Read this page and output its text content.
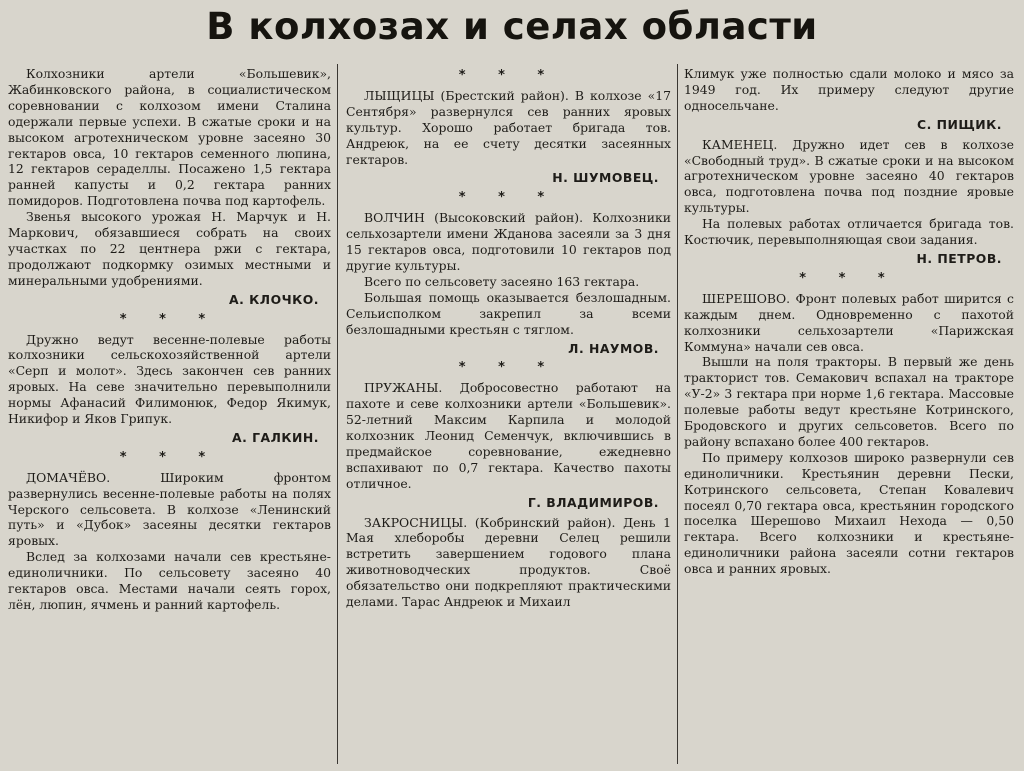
В колхозах и селах области

Колхозники артели «Большевик», Жабинковского района, в социалистическом соревновании с колхозом имени Сталина одержали первые успехи. В сжатые сроки и на высоком агротехническом уровне засеяно 30 гектаров овса, 10 гектаров семенного люпина, 12 гектаров сераделлы. Посажено 1,5 гектара ранней капусты и 0,2 гектара ранних помидоров. Подготовлена почва под картофель.

Звенья высокого урожая Н. Марчук и Н. Маркович, обязавшиеся собрать на своих участках по 22 центнера ржи с гектара, продолжают подкормку озимых местными и минеральными удобрениями.

А. КЛОЧКО.
* * *

Дружно ведут весенне-полевые работы колхозники сельскохозяйственной артели «Серп и молот». Здесь закончен сев ранних яровых. На севе значительно перевыполнили нормы Афанасий Филимонюк, Федор Якимук, Никифор и Яков Грипук.

А. ГАЛКИН.
* * *

ДОМАЧЁВО.	Широким фронтом развернулись весенне-полевые работы на полях Черского сельсовета. В колхозе «Ленинский путь» и «Дубок» засеяны десятки гектаров яровых.

Вслед за колхозами начали сев крестьяне-единоличники. По сельсовету засеяно 40 гектаров овса. Местами начали сеять горох, лён, люпин, ячмень и ранний картофель.

* * *

ЛЫЩИЦЫ (Брестский район). В колхозе «17 Сентября» развернулся сев ранних яровых культур. Хорошо работает бригада тов. Андреюк, на ее счету десятки засеянных гектаров.

Н. ШУМОВЕЦ.
* * *

ВОЛЧИН (Высоковский район). Колхозники сельхозартели имени Жданова засеяли за 3 дня 15 гектаров овса, подготовили 10 гектаров под другие культуры.

Всего по сельсовету засеяно 163 гектара.

Большая помощь оказывается безлошадным. Сельисполком закрепил за всеми безлошадными крестьян с тяглом.

Л. НАУМОВ.
* * *

ПРУЖАНЫ. Добросовестно работают на пахоте и севе колхозники артели «Большевик». 52-летний Максим Карпила и молодой колхозник Леонид Семенчук, включившись в предмайское соревнование, ежедневно вспахивают по 0,7 гектара. Качество пахоты отличное.

Г. ВЛАДИМИРОВ.

ЗАКРОСНИЦЫ. (Кобринский район). День 1 Мая хлеборобы деревни Селец решили встретить завершением годового плана животноводческих продуктов. Своё обязательство они подкрепляют практическими делами. Тарас Андреюк и Михаил

Климук уже полностью сдали молоко и мясо за 1949 год. Их примеру следуют другие односельчане.

С. ПИЩИК.

КАМЕНЕЦ. Дружно идет сев в колхозе «Свободный труд». В сжатые сроки и на высоком агротехническом уровне засеяно 40 гектаров овса, подготовлена почва под поздние яровые культуры.

На полевых работах отличается бригада тов. Костючик, перевыполняющая свои задания.

Н. ПЕТРОВ.
* * *

ШЕРЕШОВО. Фронт полевых работ ширится с каждым днем. Одновременно с пахотой колхозники сельхозартели «Парижская Коммуна» начали сев овса.

Вышли на поля тракторы. В первый же день тракторист тов. Семакович вспахал на тракторе «У-2» 3 гектара при норме 1,6 гектара. Массовые полевые работы ведут крестьяне Котринского, Бродовского и других сельсоветов. Всего по району вспахано более 400 гектаров.

По примеру колхозов широко развернули сев единоличники. Крестьянин деревни Пески, Котринского сельсовета, Степан Ковалевич посеял 0,70 гектара овса, крестьянин городского поселка Шерешово Михаил Нехода — 0,50 гектара. Всего колхозники и крестьяне-единоличники района засеяли сотни гектаров овса и ранних яровых.
